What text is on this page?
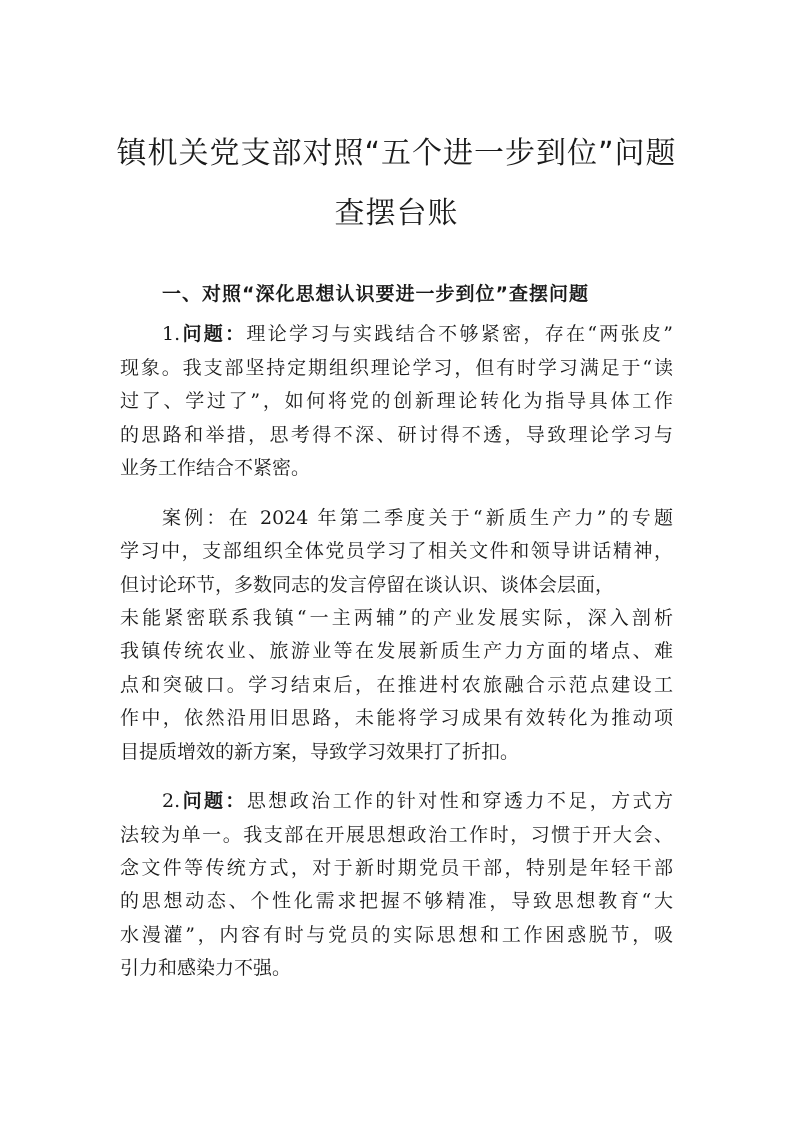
镇机关党支部对照“五个进一步到位”问题
查摆台账
一、对照“深化思想认识要进一步到位”查摆问题
1.问题：理论学习与实践结合不够紧密，存在“两张皮”
现象。我支部坚持定期组织理论学习，但有时学习满足于“读
过了、学过了”，如何将党的创新理论转化为指导具体工作
的思路和举措，思考得不深、研讨得不透，导致理论学习与
业务工作结合不紧密。
案例：在 2024 年第二季度关于“新质生产力”的专题
学习中，支部组织全体党员学习了相关文件和领导讲话精神，
但讨论环节，多数同志的发言停留在谈认识、谈体会层面，
未能紧密联系我镇“一主两辅”的产业发展实际，深入剖析
我镇传统农业、旅游业等在发展新质生产力方面的堵点、难
点和突破口。学习结束后，在推进村农旅融合示范点建设工
作中，依然沿用旧思路，未能将学习成果有效转化为推动项
目提质增效的新方案，导致学习效果打了折扣。
2.问题：思想政治工作的针对性和穿透力不足，方式方
法较为单一。我支部在开展思想政治工作时，习惯于开大会、
念文件等传统方式，对于新时期党员干部，特别是年轻干部
的思想动态、个性化需求把握不够精准，导致思想教育“大
水漫灌”，内容有时与党员的实际思想和工作困惑脱节，吸
引力和感染力不强。
